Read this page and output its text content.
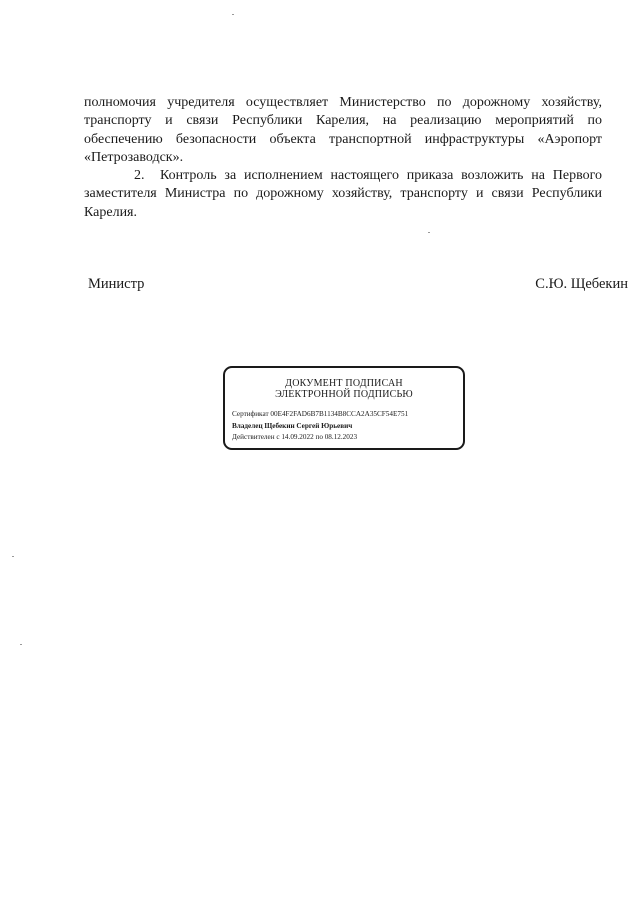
полномочия учредителя осуществляет Министерство по дорожному хозяйству, транспорту и связи Республики Карелия, на реализацию мероприятий по обеспечению безопасности объекта транспортной инфраструктуры «Аэропорт «Петрозаводск».

2. Контроль за исполнением настоящего приказа возложить на Первого заместителя Министра по дорожному хозяйству, транспорту и связи Республики Карелия.

Министр	С.Ю. Щебекин
ДОКУМЕНТ ПОДПИСАН
ЭЛЕКТРОННОЙ ПОДПИСЬЮ
Сертификат 00E4F2FAD6B7B1134B8CCA2A35CF54E751
Владелец Щебекин Сергей Юрьевич
Действителен с 14.09.2022 по 08.12.2023
